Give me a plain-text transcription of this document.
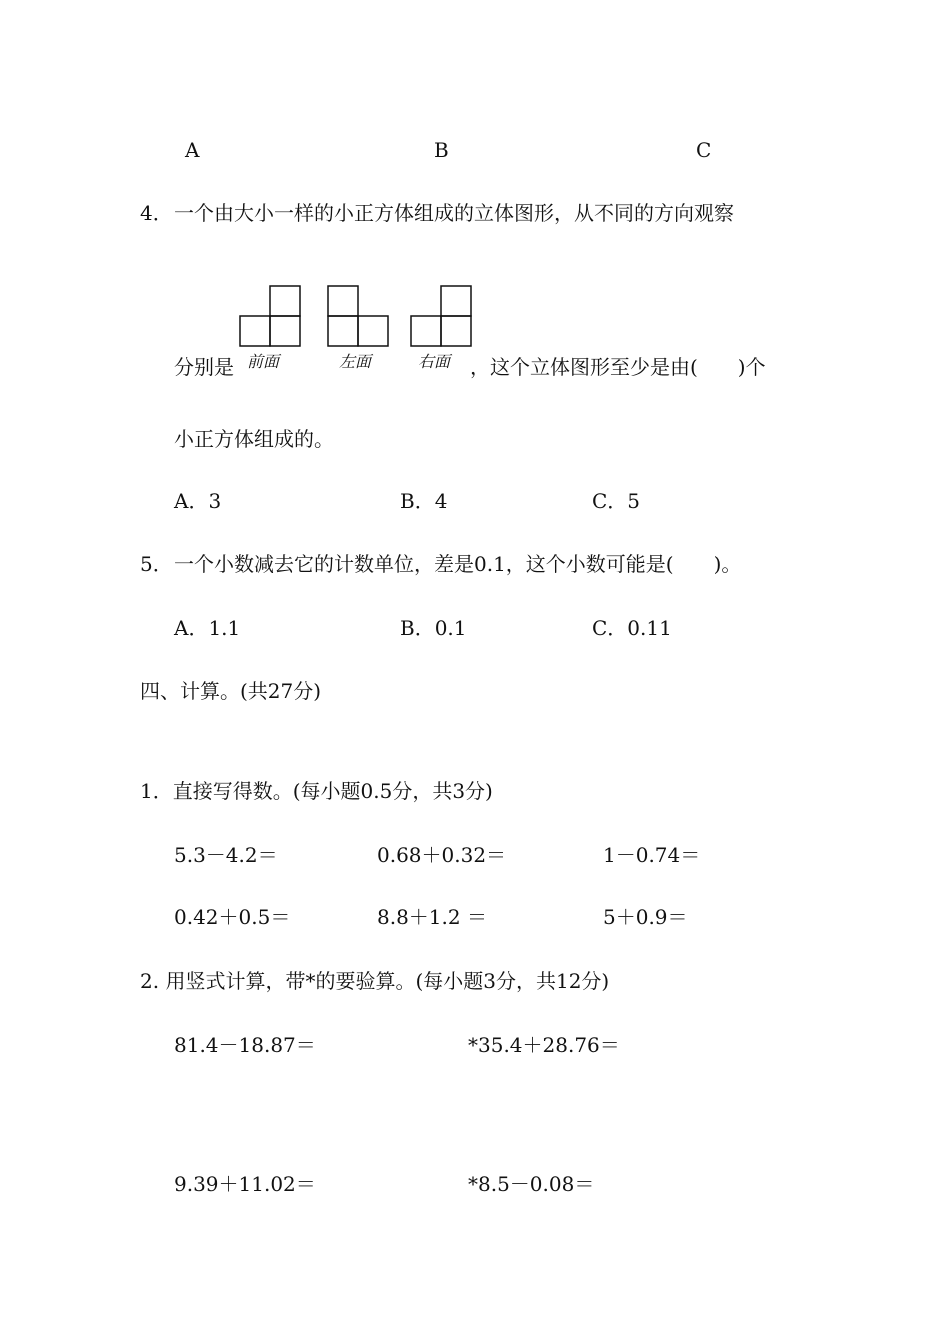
A	B	C
4． 一个由大小一样的小正方体组成的立体图形，从不同的方向观察
分别是 前面	左面	右面 ，这个立体图形至少是由(　　)个
小正方体组成的。
A．3	B．4	C．5
5． 一个小数减去它的计数单位，差是0.1，这个小数可能是(　　)。
A．1.1	B．0.1	C．0.11
四、计算。(共27分)
1．直接写得数。(每小题0.5分，共3分)
5.3－4.2＝	0.68＋0.32＝	1－0.74＝
0.42＋0.5＝	8.8＋1.2 ＝	5＋0.9＝
2. 用竖式计算，带*的要验算。(每小题3分，共12分)
81.4－18.87＝	*35.4＋28.76＝
9.39＋11.02＝	*8.5－0.08＝
